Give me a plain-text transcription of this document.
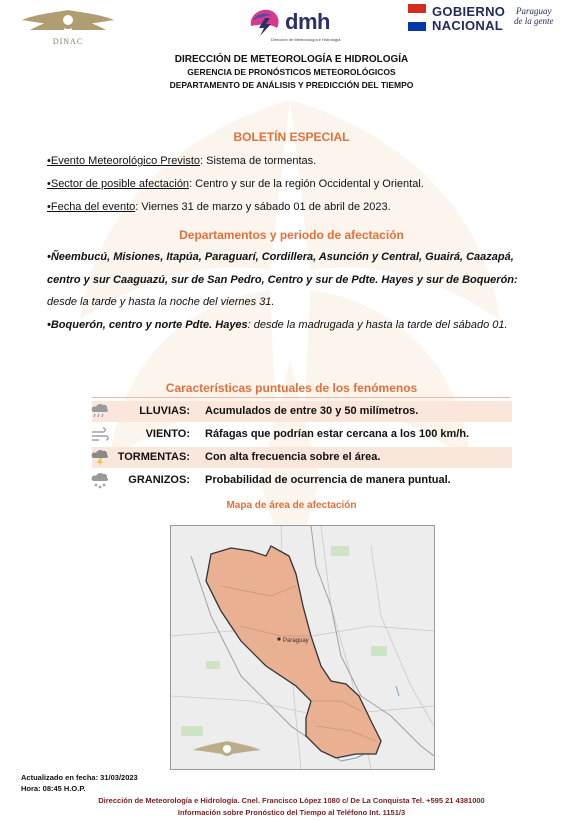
DINAC
dmh
Dirección de Meteorología e Hidrología
GOBIERNO
NACIONAL
Paraguay
de la gente
DIRECCIÓN DE METEOROLOGÍA E HIDROLOGÍA
GERENCIA DE PRONÓSTICOS METEOROLÓGICOS
DEPARTAMENTO DE ANÁLISIS Y PREDICCIÓN DEL TIEMPO
BOLETÍN ESPECIAL
•Evento Meteorológico Previsto: Sistema de tormentas.
•Sector de posible afectación: Centro y sur de la región Occidental y Oriental.
•Fecha del evento: Viernes 31 de marzo y sábado 01 de abril de 2023.
Departamentos y periodo de afectación
•Ñeembucú, Misiones, Itapúa, Paraguarí, Cordillera, Asunción y Central, Guairá, Caazapá,
centro y sur Caaguazú, sur de San Pedro, Centro y sur de Pdte. Hayes y sur de Boquerón:
desde la tarde y hasta la noche del viernes 31.
•Boquerón, centro y norte Pdte. Hayes: desde la madrugada y hasta la tarde del sábado 01.
Características puntuales de los fenómenos
LLUVIAS: Acumulados de entre 30 y 50 milímetros.
VIENTO: Ráfagas que podrían estar cercana a los 100 km/h.
TORMENTAS: Con alta frecuencia sobre el área.
GRANIZOS: Probabilidad de ocurrencia de manera puntual.
Mapa de área de afectación
Paraguay
Actualizado en fecha: 31/03/2023
Hora: 08:45 H.O.P.
Dirección de Meteorología e Hidrología. Cnel. Francisco López 1080 c/ De La Conquista Tel. +595 21 4381000
Información sobre Pronóstico del Tiempo al Teléfono Int. 1151/3
